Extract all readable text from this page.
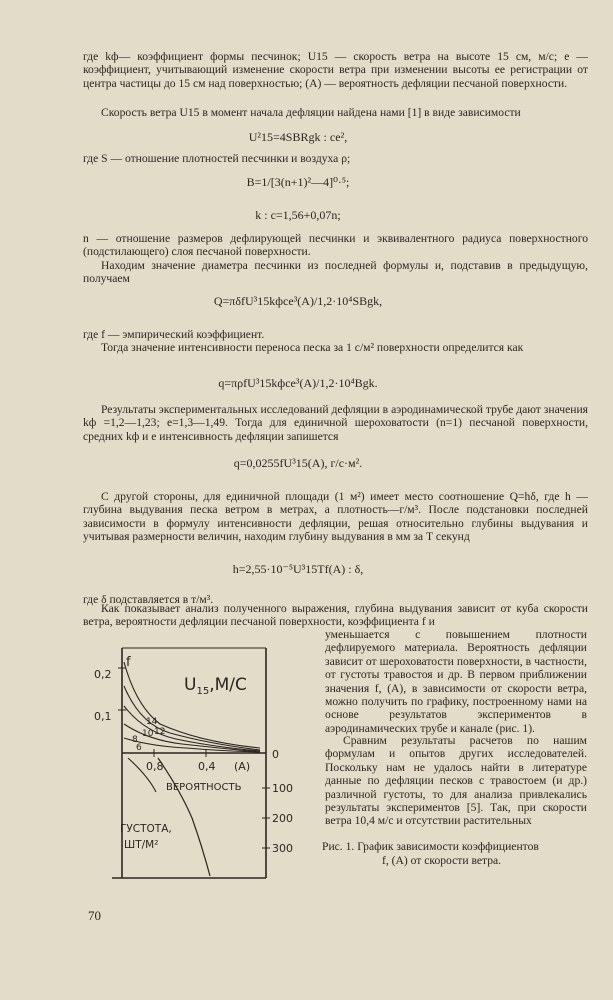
где kф— коэффициент формы песчинок; U15 — скорость ветра на высоте 15 см, м/с; е — коэффициент, учитывающий изменение скорости ветра при изменении высоты ее регистрации от центра частицы до 15 см над поверхностью; (А) — вероятность дефляции песчаной поверхности.

Скорость ветра U15 в момент начала дефляции найдена нами [1] в виде зависимости

U²15=4SBRgk : се²,

где S — отношение плотностей песчинки и воздуха ρ;

B=1/[3(n+1)²—4]⁰·⁵;
k : c=1,56+0,07n;

n — отношение размеров дефлирующей песчинки и эквивалентного радиуса поверхностного (подстилающего) слоя песчаной поверхности.

Находим значение диаметра песчинки из последней формулы и, подставив в предыдущую, получаем

Q=πδfU³15kфce³(A)/1,2·10⁴SBgk,

где f — эмпирический коэффициент.

Тогда значение интенсивности переноса песка за 1 с/м² поверхности определится как

q=πρfU³15kфce³(A)/1,2·10⁴Bgk.

Результаты экспериментальных исследований дефляции в аэродинамической трубе дают значения kф =1,2—1,23; е=1,3—1,49. Тогда для единичной шероховатости (n=1) песчаной поверхности, средних kф и е интенсивность дефляции запишется

q=0,0255fU³15(A), г/с·м².

С другой стороны, для единичной площади (1 м²) имеет место соотношение Q=hδ, где h — глубина выдувания песка ветром в метрах, а плотность—г/м³. После подстановки последней зависимости в формулу интенсивности дефляции, решая относительно глубины выдувания и учитывая размерности величин, находим глубину выдувания в мм за Т секунд

h=2,55·10⁻⁵U³15Tf(A) : δ,

где δ подставляется в т/м³.

Как показывает анализ полученного выражения, глубина выдувания зависит от куба скорости ветра, вероятности дефляции песчаной поверхности, коэффициента f и

уменьшается с повышением плотности дефлируемого материала. Вероятность дефляции зависит от шероховатости поверхности, в частности, от густоты травостоя и др. В первом приближении значения f, (А), в зависимости от скорости ветра, можно получить по графику, построенному нами на основе результатов экспериментов в аэродинамических трубе и канале (рис. 1).

Сравним результаты расчетов по нашим формулам и опытов других исследователей. Поскольку нам не удалось найти в литературе данные по дефляции песков с травостоем (и др.) различной густоты, то для анализа привлекались результаты экспериментов [5]. Так, при скорости ветра 10,4 м/с и отсутствии растительных

0,2
0,1
0
0,8	0,4
100
200
300
f
$U_{15},М/С$
(А)
ВЕРОЯТНОСТЬ
ГУСТОТА,
ШТ/М²
14
12
10
8
6
Рис. 1. График зависимости коэффициентов
f, (А) от скорости ветра.
70
